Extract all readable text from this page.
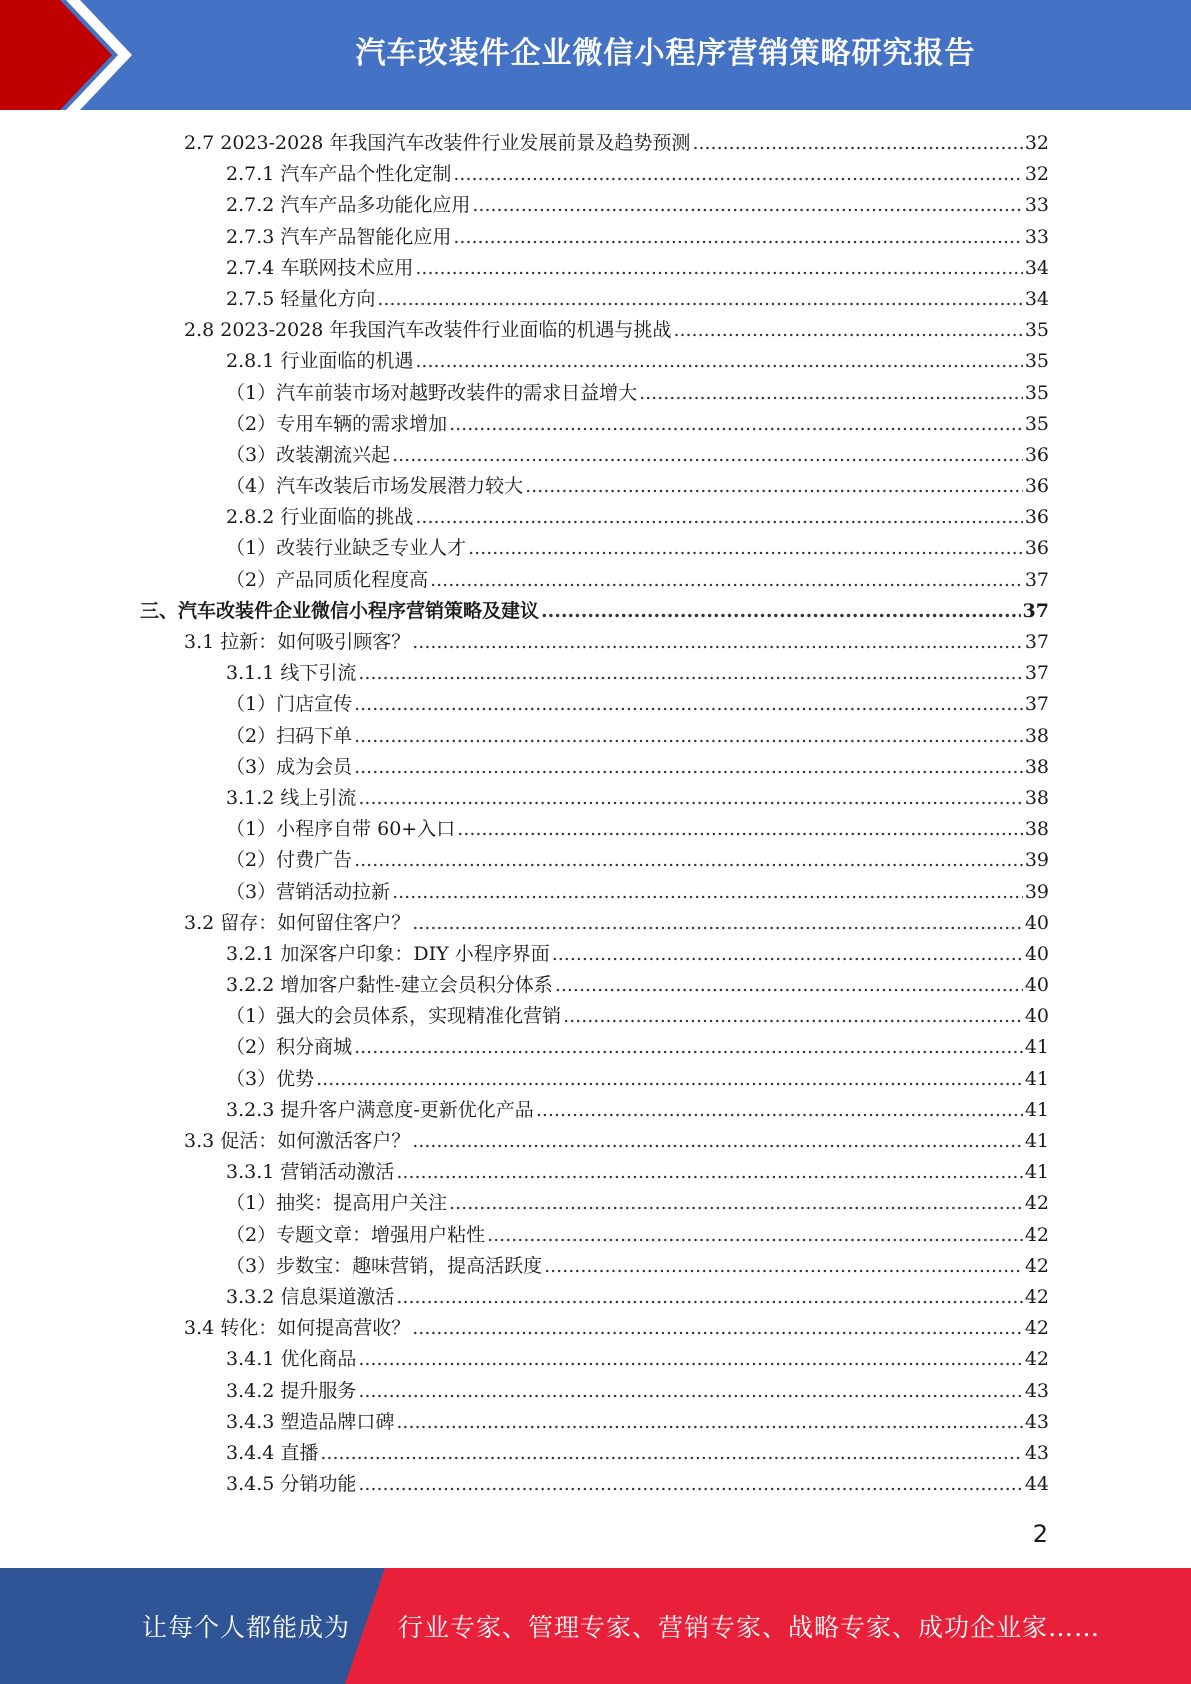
汽车改装件企业微信小程序营销策略研究报告
2.7 2023-2028 年我国汽车改装件行业发展前景及趋势预测 .....	32
2.7.1 汽车产品个性化定制 .....	32
2.7.2 汽车产品多功能化应用 .....	33
2.7.3 汽车产品智能化应用 .....	33
2.7.4 车联网技术应用 .....	34
2.7.5 轻量化方向 .....	34
2.8 2023-2028 年我国汽车改装件行业面临的机遇与挑战 .....	35
2.8.1 行业面临的机遇 .....	35
（1）汽车前装市场对越野改装件的需求日益增大 .....	35
（2）专用车辆的需求增加 .....	35
（3）改装潮流兴起 .....	36
（4）汽车改装后市场发展潜力较大 .....	36
2.8.2 行业面临的挑战 .....	36
（1）改装行业缺乏专业人才 .....	36
（2）产品同质化程度高 .....	37
三、汽车改装件企业微信小程序营销策略及建议 .....	37
3.1 拉新：如何吸引顾客？ .....	37
3.1.1 线下引流 .....	37
（1）门店宣传 .....	37
（2）扫码下单 .....	38
（3）成为会员 .....	38
3.1.2 线上引流 .....	38
（1）小程序自带 60+入口 .....	38
（2）付费广告 .....	39
（3）营销活动拉新 .....	39
3.2 留存：如何留住客户？ .....	40
3.2.1 加深客户印象：DIY 小程序界面 .....	40
3.2.2 增加客户黏性-建立会员积分体系 .....	40
（1）强大的会员体系，实现精准化营销 .....	40
（2）积分商城 .....	41
（3）优势 .....	41
3.2.3 提升客户满意度-更新优化产品 .....	41
3.3 促活：如何激活客户？ .....	41
3.3.1 营销活动激活 .....	41
（1）抽奖：提高用户关注 .....	42
（2）专题文章：增强用户粘性 .....	42
（3）步数宝：趣味营销，提高活跃度 .....	42
3.3.2 信息渠道激活 .....	42
3.4 转化：如何提高营收？ .....	42
3.4.1 优化商品 .....	42
3.4.2 提升服务 .....	43
3.4.3 塑造品牌口碑 .....	43
3.4.4 直播 .....	43
3.4.5 分销功能 .....	44
2
让每个人都能成为 行业专家、管理专家、营销专家、战略专家、成功企业家……
